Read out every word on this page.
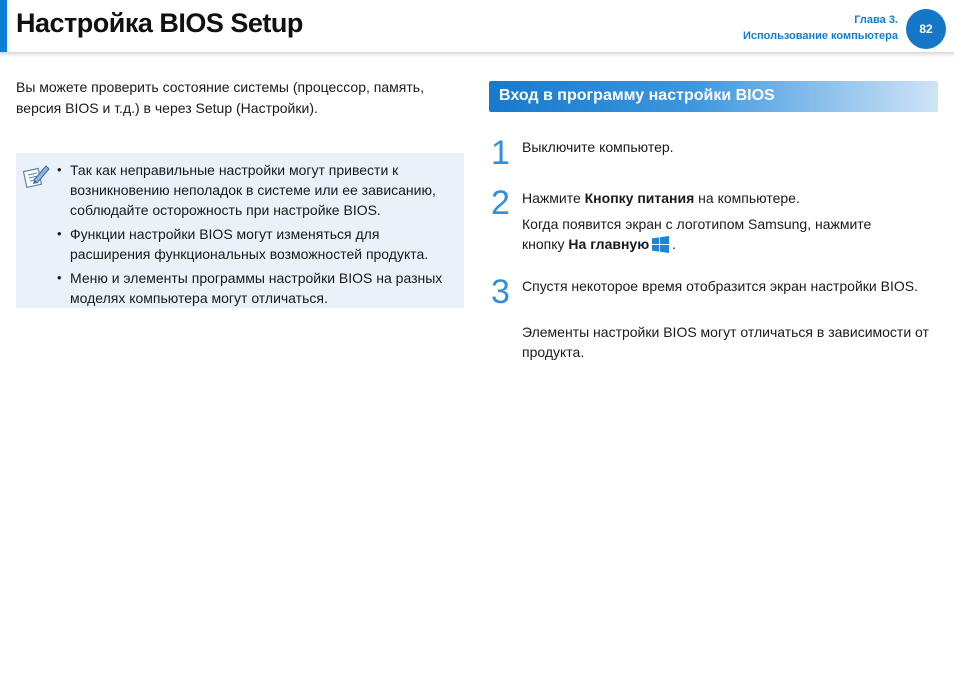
Настройка BIOS Setup	Глава 3.
Использование компьютера	82

Вы можете проверить состояние системы (процессор, память, версия BIOS и т.д.) в через Setup (Настройки).

• Так как неправильные настройки могут привести к возникновению неполадок в системе или ее зависанию, соблюдайте осторожность при настройке BIOS.
• Функции настройки BIOS могут изменяться для расширения функциональных возможностей продукта.
• Меню и элементы программы настройки BIOS на разных моделях компьютера могут отличаться.
Вход в программу настройки BIOS
1 Выключите компьютер.

2 Нажмите Кнопку питания на компьютере.

Когда появится экран с логотипом Samsung, нажмите кнопку На главную .

3 Спустя некоторое время отобразится экран настройки BIOS.

Элементы настройки BIOS могут отличаться в зависимости от продукта.
